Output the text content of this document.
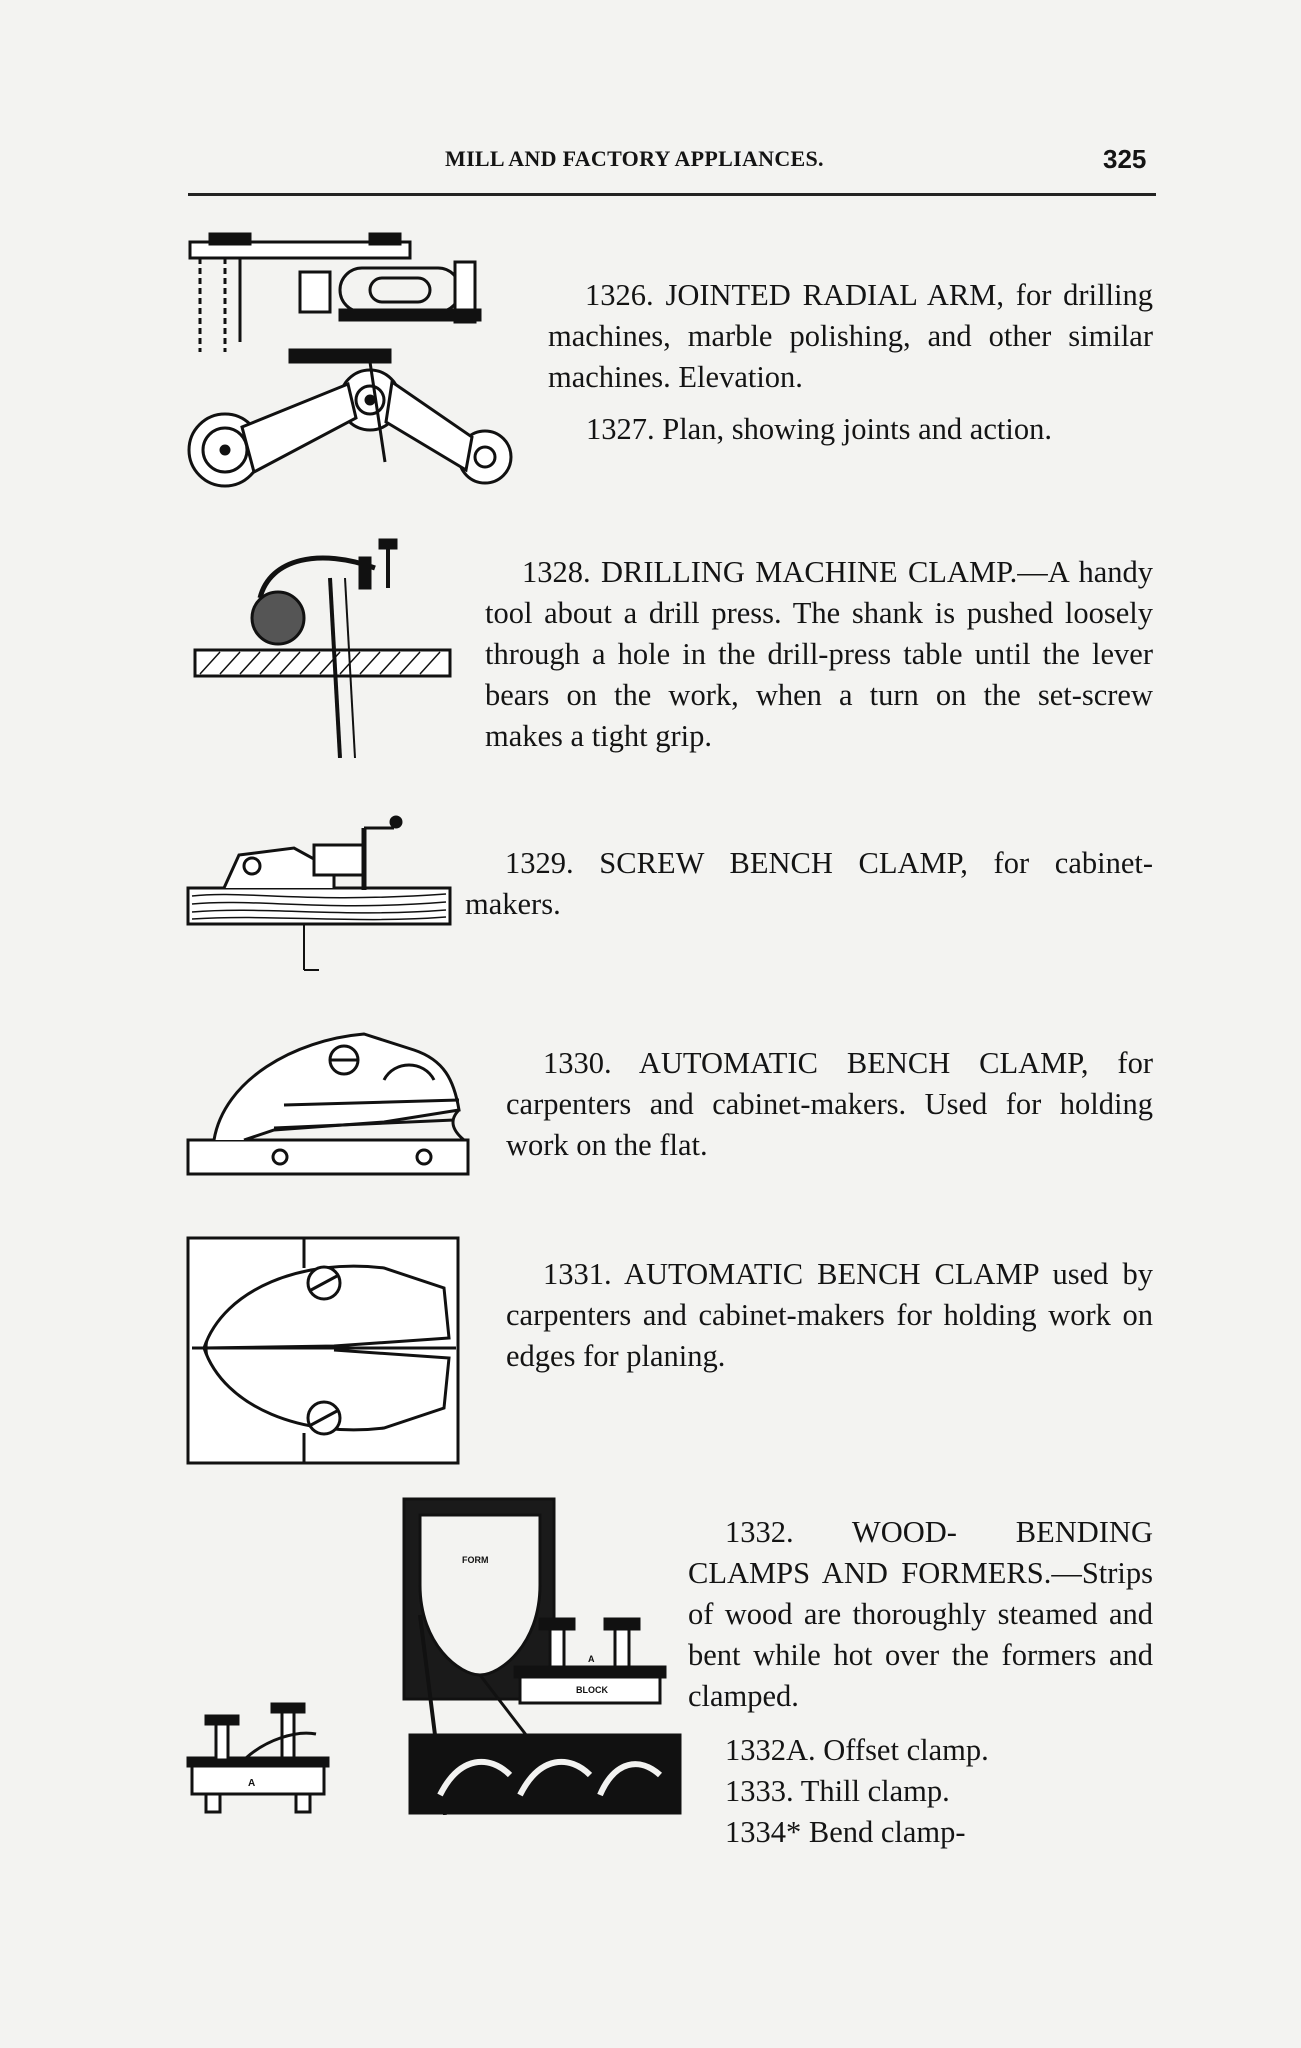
MILL AND FACTORY APPLIANCES.	325

1326. JOINTED RADIAL ARM, for drilling machines, marble polishing, and other similar machines. Elevation.

1327. Plan, showing joints and action.

1328. DRILLING MACHINE CLAMP.—A handy tool about a drill press. The shank is pushed loosely through a hole in the drill-press table until the lever bears on the work, when a turn on the set-screw makes a tight grip.

1329. SCREW BENCH CLAMP, for cabinet-makers.

1330. AUTOMATIC BENCH CLAMP, for carpenters and cabinet-makers. Used for holding work on the flat.

1331. AUTOMATIC BENCH CLAMP used by carpenters and cabinet-makers for holding work on edges for planing.

FORM
BLOCK
A
A

1332. WOOD- BENDING CLAMPS AND FORMERS.—Strips of wood are thoroughly steamed and bent while hot over the formers and clamped.

1332A. Offset clamp.

1333. Thill clamp.

1334* Bend clamp-
